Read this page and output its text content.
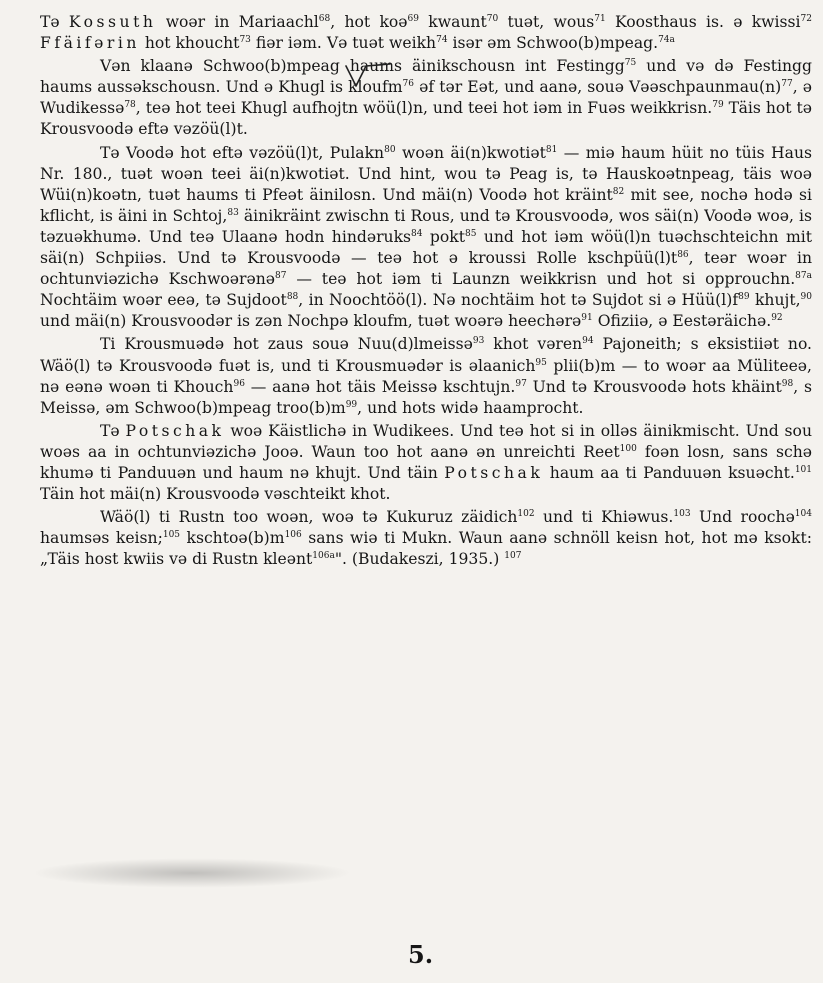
Tə Kossuth woər in Mariaachl$^{68}$, hot koə$^{69}$ kwaunt$^{70}$ tuət, wous$^{71}$ Koosthaus is. ə kwissi$^{72}$ Ffäifərin hot khoucht$^{73}$ fiər iəm. Və tuət weikh$^{74}$ isər əm Schwoo(b)mpeag.$^{74a}$

Vən klaanə Schwoo(b)mpeag haums äinikschousn int Festingg$^{75}$ und və də Festingg haums aussəkschousn. Und ə Khugl is kloufm$^{76}$ əf tər Eət, und aanə, souə $Vəəschpaunmau(n)^{77}$, ə Wudikessə$^{78}$, teə hot teei Khugl aufhojtn wöü(l)n, und teei hot iəm in Fuəs weikkrisn.$^{79}$ Täis hot tə Krousvoodə eftə vəzöü(l)t.

Tə Voodə hot eftə vəzöü(l)t, Pulakn$^{80}$ woən äi(n)kwotiət$^{81}$ — miə haum hüit no tüis Haus Nr. 180., tuət woən teei äi(n)kwotiət. Und hint, wou tə Peag is, tə Hauskoətnpeag, täis woə Wüi(n)koətn, tuət haums ti Pfeət äinilosn. Und mäi(n) Voodə hot kräint$^{82}$ mit see, nochə hodə si kflicht, is äini in Schtoj,$^{83}$ äinikräint zwischn ti Rous, und tə Krousvoodə, wos säi(n) Voodə woə, is təzuəkhumə. Und teə Ulaanə hodn hindəruks$^{84}$ pokt$^{85}$ und hot iəm wöü(l)n tuəchschteichn mit säi(n) Schpiiəs. Und tə Krousvoodə — teə hot ə kroussi Rolle $kschpüü(l)t^{86}$, teər woər in ochtunviəzichə Kschwoərənə$^{87}$ — teə hot iəm ti Launzn weikkrisn und hot si opprouchn.$^{87a}$ Nochtäim woər eeə, tə Sujdoot$^{88}$, in Noochtöö(l). Nə nochtäim hot tə Sujdot si ə $Hüü(l)f^{89}$ khujt,$^{90}$ und mäi(n) Krousvoodər is zən Nochpə kloufm, tuət woərə heechərə$^{91}$ Ofiziiə, ə Eestəräichə.$^{92}$

Ti Krousmuədə hot zaus souə Nuu(d)lmeissə$^{93}$ khot vəren$^{94}$ Pajoneith; s eksistiiət no. Wäö(l) tə Krousvoodə fuət is, und ti Krousmuədər is əlaanich$^{95}$ plii(b)m — to woər aa Müliteeə, nə eənə woən ti Khouch$^{96}$ — aanə hot täis Meissə kschtujn.$^{97}$ Und tə Krousvoodə hots khäint$^{98}$, s Meissə, əm Schwoo(b)mpeag $troo(b)m^{99}$, und hots widə haamprocht.

Tə Potschak woə Käistlichə in Wudikees. Und teə hot si in olləs äinikmischt. Und sou woəs aa in ochtunviəzichə Jooə. Waun too hot aanə ən unreichti Reet$^{100}$ foən losn, sans schə khumə ti Panduuən und haum nə khujt. Und täin Potschak haum aa ti Panduuən ksuəcht.$^{101}$ Täin hot mäi(n) Krousvoodə vəschteikt khot.

Wäö(l) ti Rustn too woən, woə tə Kukuruz zäidich$^{102}$ und ti Khiəwus.$^{103}$ Und roochə$^{104}$ haumsəs keisn;$^{105}$ $kschtoə(b)m^{106}$ sans wiə ti Mukn. Waun aanə schnöll keisn hot, hot mə ksokt: „Täis host kwiis və di Rustn kleənt$^{106a}$". (Budakeszi, 1935.) $^{107}$

5.
